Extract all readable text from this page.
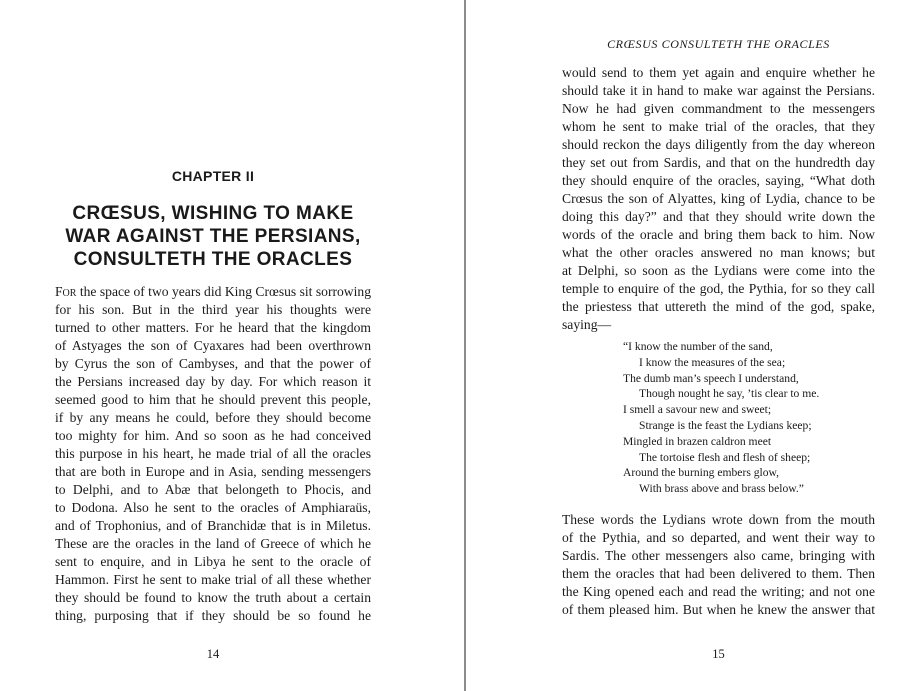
CHAPTER II
CRŒSUS, WISHING TO MAKE
WAR AGAINST THE PERSIANS,
CONSULTETH THE ORACLES
For the space of two years did King Crœsus sit sorrowing
for his son. But in the third year his thoughts were
turned to other matters. For he heard that the kingdom
of Astyages the son of Cyaxares had been overthrown
by Cyrus the son of Cambyses, and that the power of
the Persians increased day by day. For which reason it
seemed good to him that he should prevent this people,
if by any means he could, before they should become
too mighty for him. And so soon as he had conceived
this purpose in his heart, he made trial of all the oracles
that are both in Europe and in Asia, sending messengers
to Delphi, and to Abæ that belongeth to Phocis, and
to Dodona. Also he sent to the oracles of Amphiaraüs,
and of Trophonius, and of Branchidæ that is in Miletus.
These are the oracles in the land of Greece of which he
sent to enquire, and in Libya he sent to the oracle of
Hammon. First he sent to make trial of all these whether
they should be found to know the truth about a certain
thing, purposing that if they should be so found he
14
CRŒSUS CONSULTETH THE ORACLES
would send to them yet again and enquire whether he
should take it in hand to make war against the Persians.
Now he had given commandment to the messengers
whom he sent to make trial of the oracles, that they
should reckon the days diligently from the day whereon
they set out from Sardis, and that on the hundredth day
they should enquire of the oracles, saying, “What doth
Crœsus the son of Alyattes, king of Lydia, chance to be
doing this day?” and that they should write down the
words of the oracle and bring them back to him. Now
what the other oracles answered no man knows; but
at Delphi, so soon as the Lydians were come into the
temple to enquire of the god, the Pythia, for so they call
the priestess that uttereth the mind of the god, spake,
saying—
“I know the number of the sand,
I know the measures of the sea;
The dumb man’s speech I understand,
Though nought he say, ’tis clear to me.
I smell a savour new and sweet;
Strange is the feast the Lydians keep;
Mingled in brazen caldron meet
The tortoise flesh and flesh of sheep;
Around the burning embers glow,
With brass above and brass below.”
These words the Lydians wrote down from the mouth
of the Pythia, and so departed, and went their way to
Sardis. The other messengers also came, bringing with
them the oracles that had been delivered to them. Then
the King opened each and read the writing; and not one
of them pleased him. But when he knew the answer that
15
